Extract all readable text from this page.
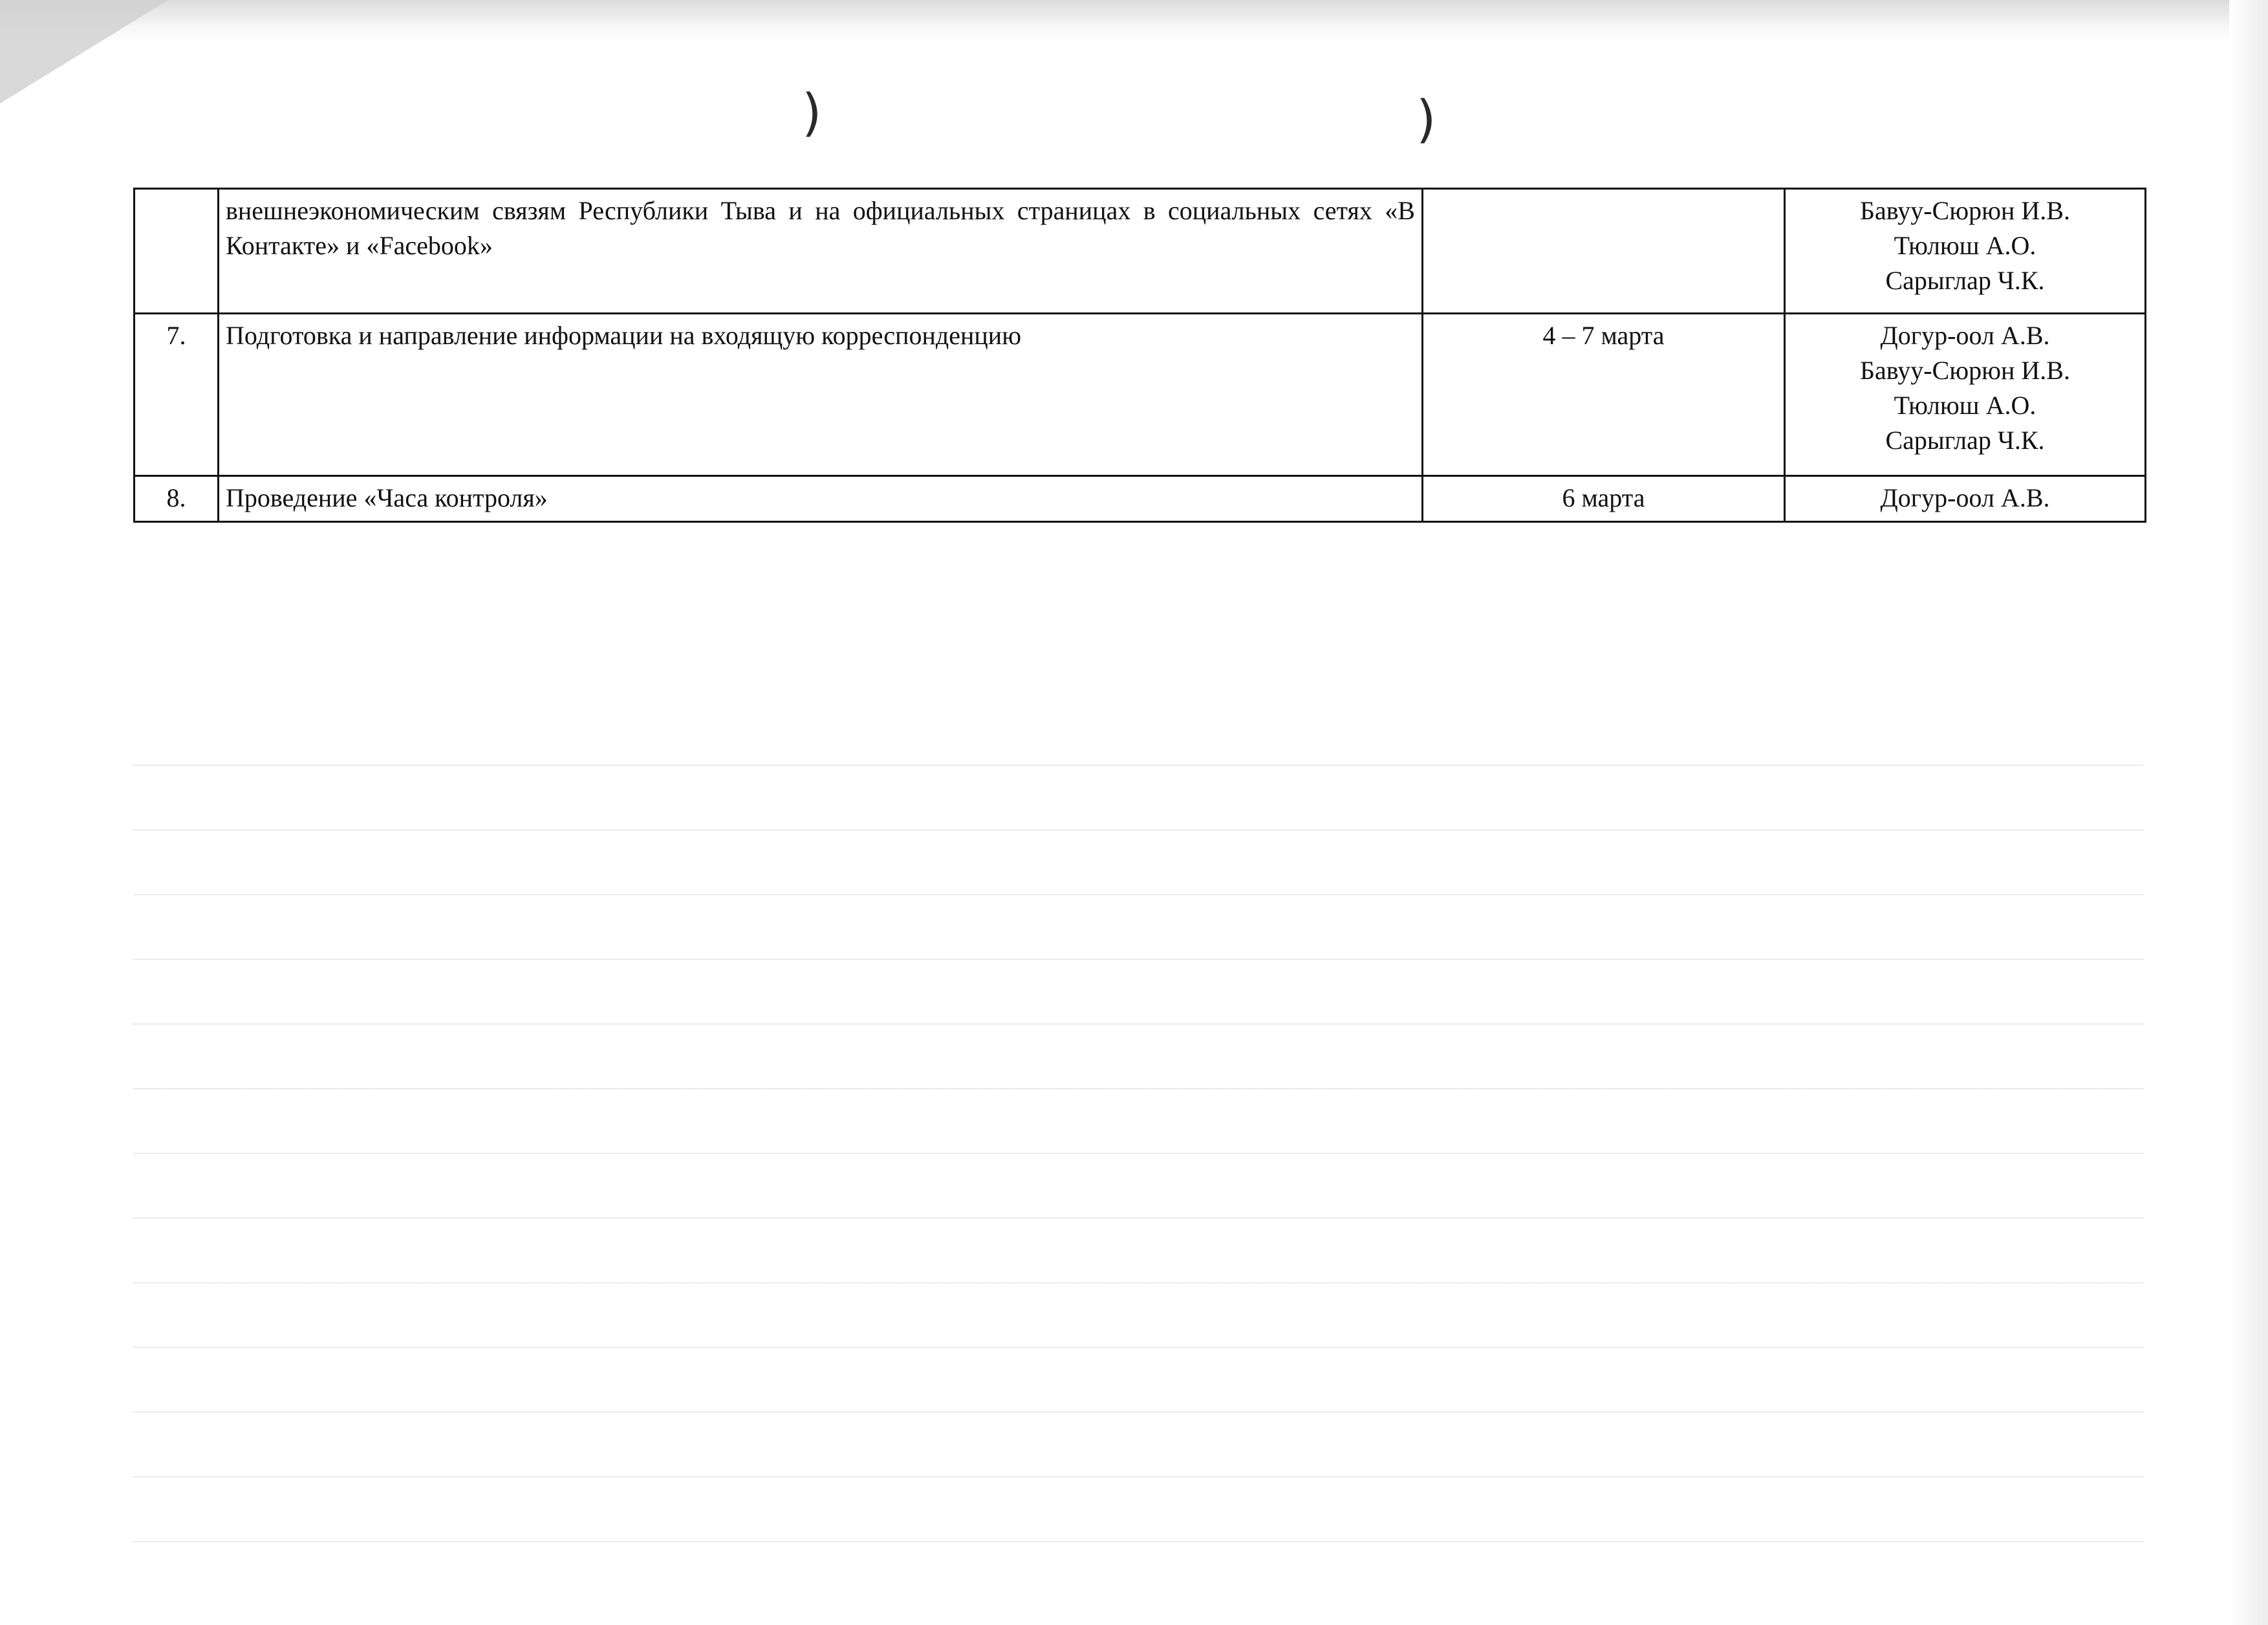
)	)
	внешнеэкономическим связям Республики Тыва и на официальных страницах в социальных сетях «В Контакте» и «Facebook»		Бавуу-Сюрюн И.В.
Тюлюш А.О.
Сарыглар Ч.К.

7.	Подготовка и направление информации на входящую корреспонденцию	4 – 7 марта	Догур-оол А.В.
Бавуу-Сюрюн И.В.
Тюлюш А.О.
Сарыглар Ч.К.

8.	Проведение «Часа контроля»	6 марта	Догур-оол А.В.
